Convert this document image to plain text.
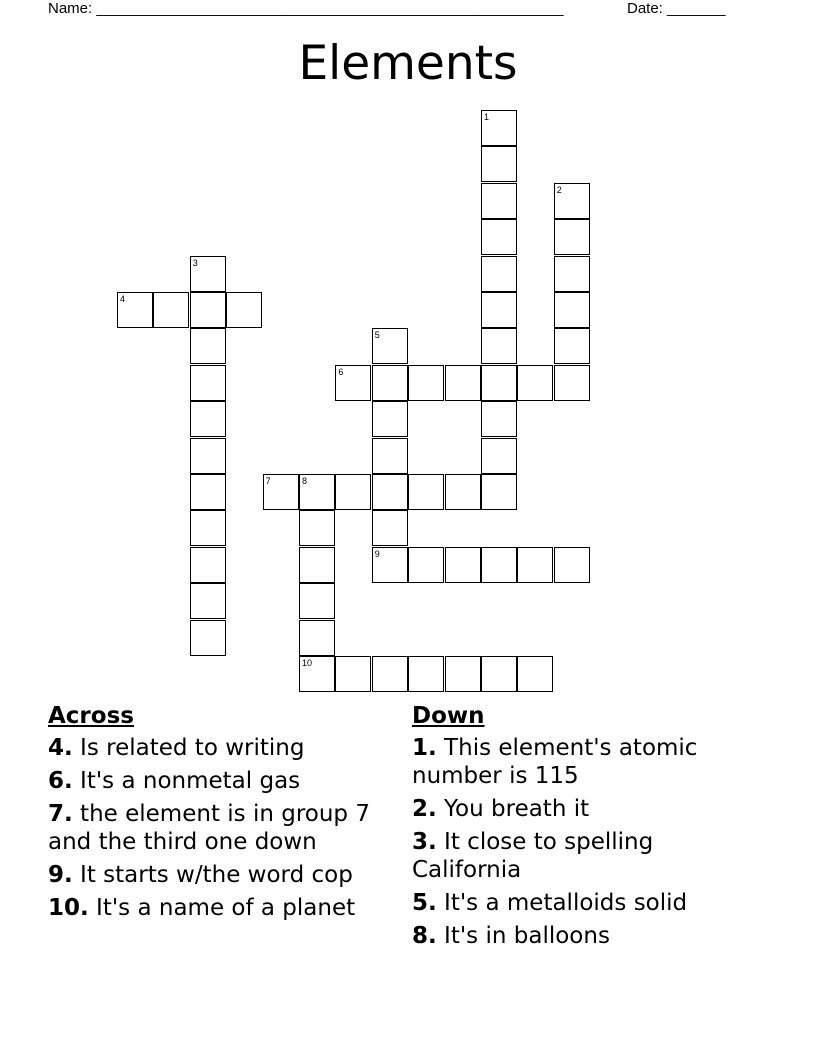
Name: ________________________________________________________	Date: _______
Elements
1
2
3
4
5
9
6
7	8
10
Across
4. Is related to writing
6. It's a nonmetal gas
7. the element is in group 7 and the third one down
9. It starts w/the word cop
10. It's a name of a planet
Down
1. This element's atomic number is 115
2. You breath it
3. It close to spelling California
5. It's a metalloids solid
8. It's in balloons
